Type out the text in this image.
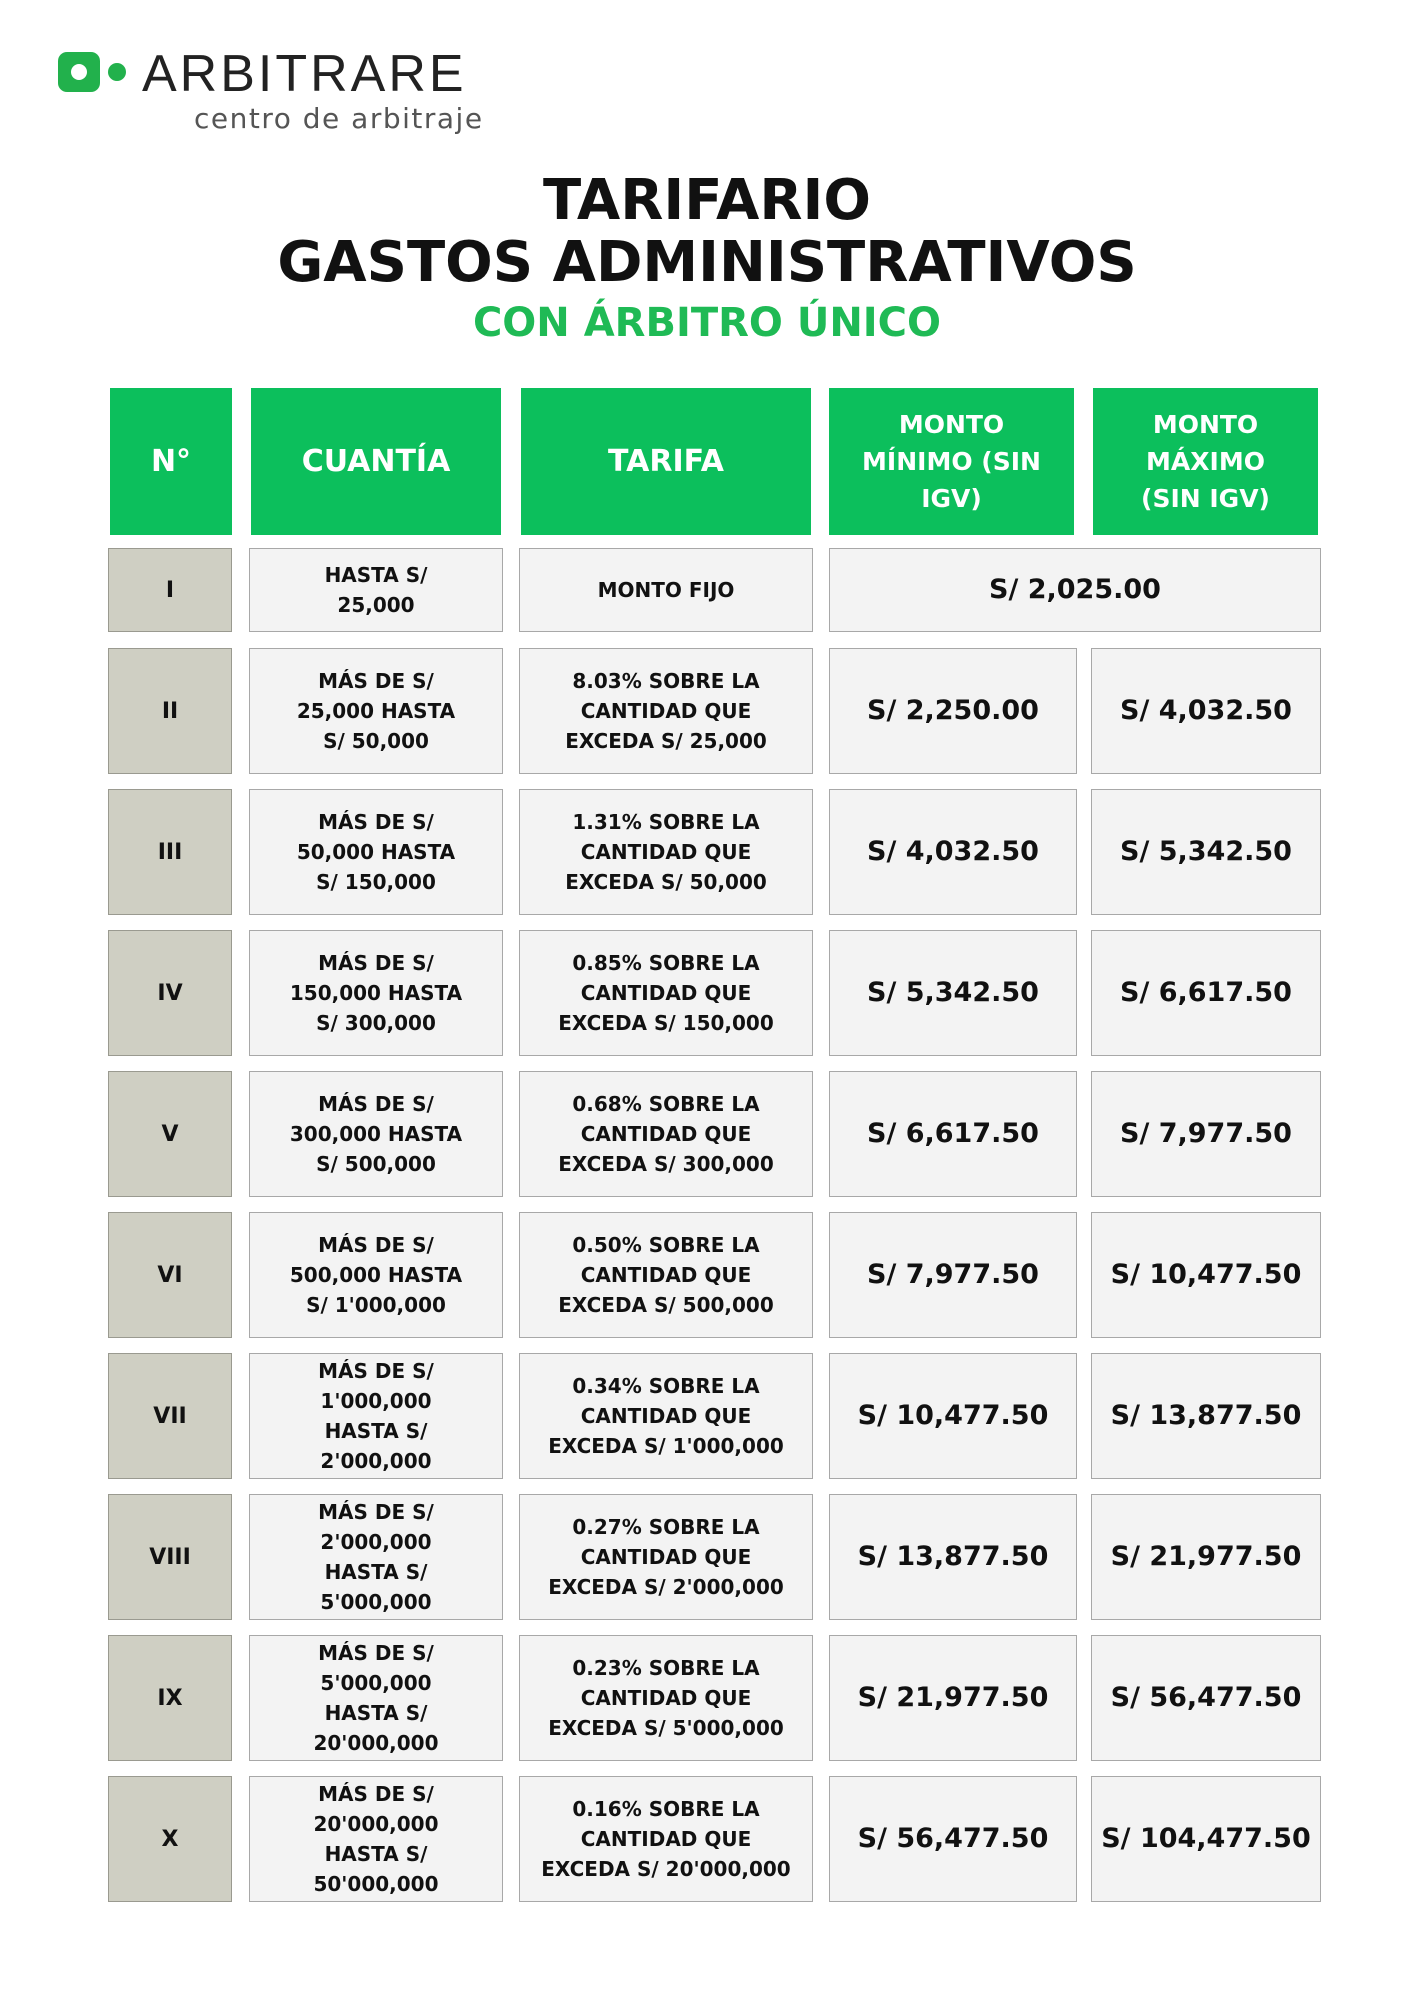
ARBITRARE
centro de arbitraje
TARIFARIO
GASTOS ADMINISTRATIVOS
CON ÁRBITRO ÚNICO
N°	CUANTÍA	TARIFA
MONTO MÍNIMO (SIN IGV)
MONTO MÁXIMO (SIN IGV)
I
HASTA S/ 25,000
MONTO FIJO	S/ 2,025.00
II
MÁS DE S/ 25,000 HASTA S/ 50,000
8.03% SOBRE LA CANTIDAD QUE EXCEDA S/ 25,000
S/ 2,250.00	S/ 4,032.50
III
MÁS DE S/ 50,000 HASTA S/ 150,000
1.31% SOBRE LA CANTIDAD QUE EXCEDA S/ 50,000
S/ 4,032.50	S/ 5,342.50
IV
MÁS DE S/ 150,000 HASTA S/ 300,000
0.85% SOBRE LA CANTIDAD QUE EXCEDA S/ 150,000
S/ 5,342.50	S/ 6,617.50
V
MÁS DE S/ 300,000 HASTA S/ 500,000
0.68% SOBRE LA CANTIDAD QUE EXCEDA S/ 300,000
S/ 6,617.50	S/ 7,977.50
VI
MÁS DE S/ 500,000 HASTA S/ 1'000,000
0.50% SOBRE LA CANTIDAD QUE EXCEDA S/ 500,000
S/ 7,977.50	S/ 10,477.50
VII
MÁS DE S/ 1'000,000 HASTA S/ 2'000,000
0.34% SOBRE LA CANTIDAD QUE EXCEDA S/ 1'000,000
S/ 10,477.50 S/ 13,877.50
VIII
MÁS DE S/ 2'000,000 HASTA S/ 5'000,000
0.27% SOBRE LA CANTIDAD QUE EXCEDA S/ 2'000,000
S/ 13,877.50 S/ 21,977.50
IX
MÁS DE S/ 5'000,000 HASTA S/ 20'000,000
0.23% SOBRE LA CANTIDAD QUE EXCEDA S/ 5'000,000
S/ 21,977.50 S/ 56,477.50
X
MÁS DE S/ 20'000,000 HASTA S/ 50'000,000
0.16% SOBRE LA CANTIDAD QUE EXCEDA S/ 20'000,000
S/ 56,477.50 S/ 104,477.50
